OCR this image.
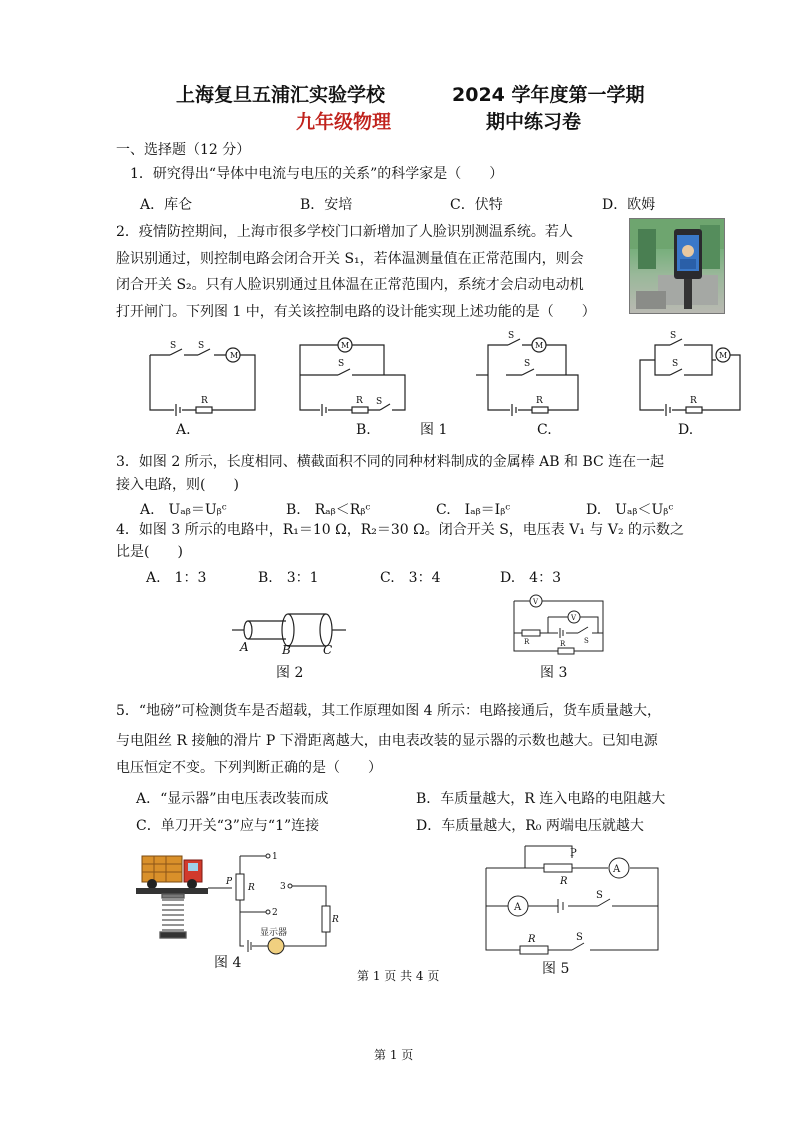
上海复旦五浦汇实验学校	2024 学年度第一学期
九年级物理	期中练习卷
一、选择题（12 分）
1．研究得出“导体中电流与电压的关系”的科学家是（　　）
A．库仑	B．安培	C．伏特	D．欧姆
2．疫情防控期间，上海市很多学校门口新增加了人脸识别测温系统。若人
脸识别通过，则控制电路会闭合开关 S₁，若体温测量值在正常范围内，则会
闭合开关 S₂。只有人脸识别通过且体温在正常范围内，系统才会启动电动机
打开闸门。下列图 1 中，有关该控制电路的设计能实现上述功能的是（　　）
S S
M
R
M
S
S
R
S
M
S
R
S
S
M
R
A.	B.	图 1	C.	D.
3．如图 2 所示，长度相同、横截面积不同的同种材料制成的金属棒 AB 和 BC 连在一起
接入电路，则(　　)
A.　Uₐᵦ＝Uᵦᶜ	B.　Rₐᵦ＜Rᵦᶜ	C.　Iₐᵦ＝Iᵦᶜ	D.　Uₐᵦ＜Uᵦᶜ
4．如图 3 所示的电路中，R₁＝10 Ω，R₂＝30 Ω。闭合开关 S，电压表 V₁ 与 V₂ 的示数之
比是(　　)
A.　1：3	B.　3：1	C.　3：4	D.　4：3
A	B	C
图 2
V
V
R	R	S
图 3
5．“地磅”可检测货车是否超载，其工作原理如图 4 所示：电路接通后，货车质量越大，
与电阻丝 R 接触的滑片 P 下滑距离越大，由电表改装的显示器的示数也越大。已知电源
电压恒定不变。下列判断正确的是（　　）
A．“显示器”由电压表改装而成	B．车质量越大，R 连入电路的电阻越大
C．单刀开关“3”应与“1”连接	D．车质量越大，R₀ 两端电压就越大
P
R
1
3
2
R
显示器
图 4
P
A
A
R
S
R	S
图 5
第 1 页 共 4 页
第 1 页
